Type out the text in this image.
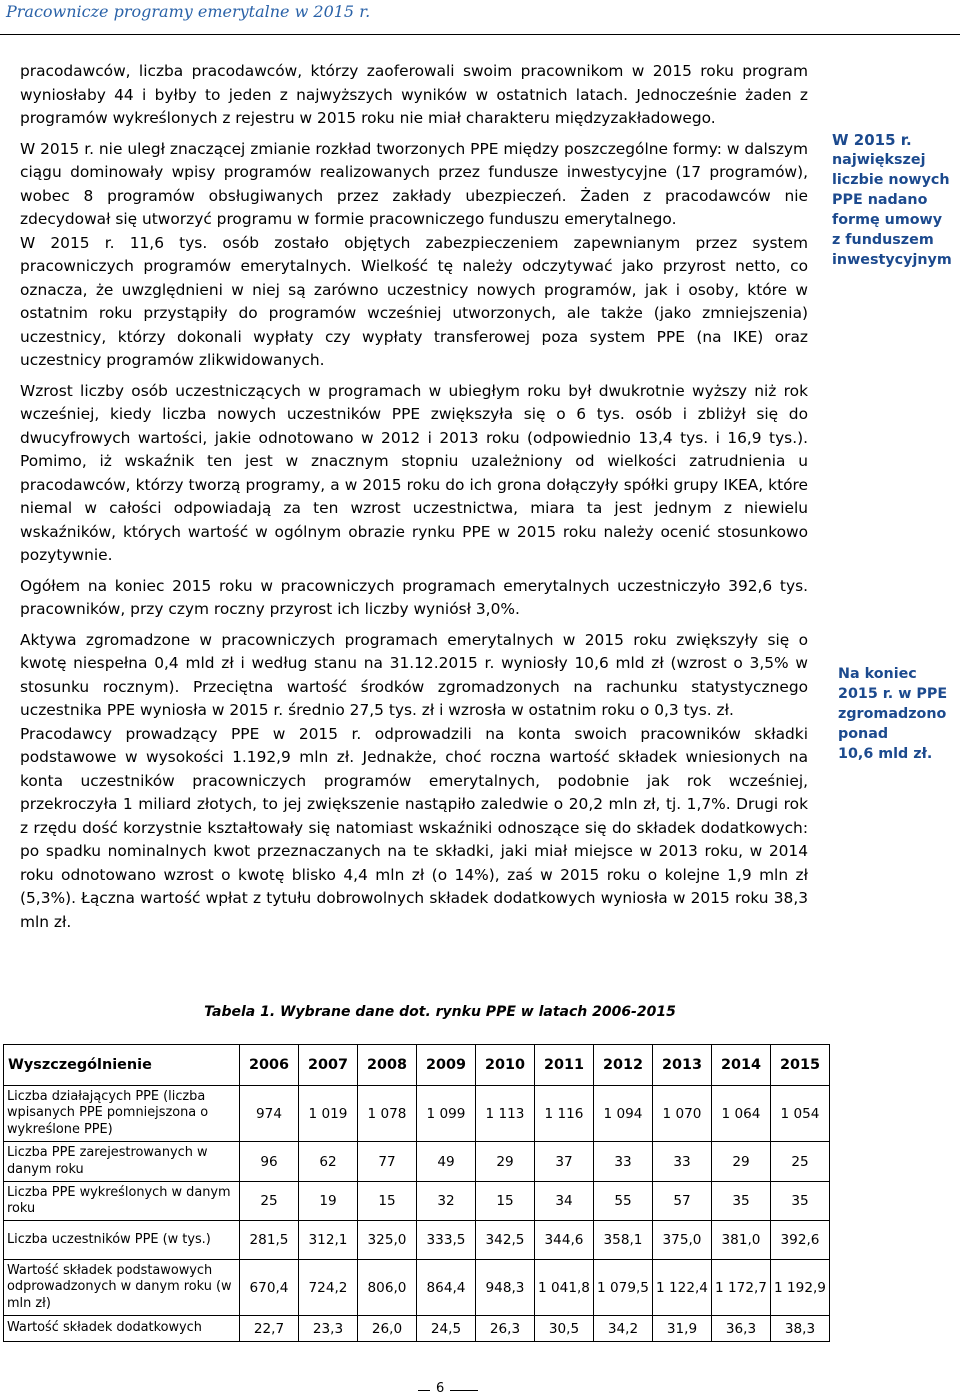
Pracownicze programy emerytalne w 2015 r.

pracodawców, liczba pracodawców, którzy zaoferowali swoim pracownikom w 2015 roku program wyniosłaby 44 i byłby to jeden z najwyższych wyników w ostatnich latach. Jednocześnie żaden z programów wykreślonych z rejestru w 2015 roku nie miał charakteru międzyzakładowego.

W 2015 r. nie uległ znaczącej zmianie rozkład tworzonych PPE między poszczególne formy: w dalszym ciągu dominowały wpisy programów realizowanych przez fundusze inwestycyjne (17 programów), wobec 8 programów obsługiwanych przez zakłady ubezpieczeń. Żaden z pracodawców nie zdecydował się utworzyć programu w formie pracowniczego funduszu emerytalnego.

W 2015 r. 11,6 tys. osób zostało objętych zabezpieczeniem zapewnianym przez system pracowniczych programów emerytalnych. Wielkość tę należy odczytywać jako przyrost netto, co oznacza, że uwzględnieni w niej są zarówno uczestnicy nowych programów, jak i osoby, które w ostatnim roku przystąpiły do programów wcześniej utworzonych, ale także (jako zmniejszenia) uczestnicy, którzy dokonali wypłaty czy wypłaty transferowej poza system PPE (na IKE) oraz uczestnicy programów zlikwidowanych.

Wzrost liczby osób uczestniczących w programach w ubiegłym roku był dwukrotnie wyższy niż rok wcześniej, kiedy liczba nowych uczestników PPE zwiększyła się o 6 tys. osób i zbliżył się do dwucyfrowych wartości, jakie odnotowano w 2012 i 2013 roku (odpowiednio 13,4 tys. i 16,9 tys.). Pomimo, iż wskaźnik ten jest w znacznym stopniu uzależniony od wielkości zatrudnienia u pracodawców, którzy tworzą programy, a w 2015 roku do ich grona dołączyły spółki grupy IKEA, które niemal w całości odpowiadają za ten wzrost uczestnictwa, miara ta jest jednym z niewielu wskaźników, których wartość w ogólnym obrazie rynku PPE w 2015 roku należy ocenić stosunkowo pozytywnie.

Ogółem na koniec 2015 roku w pracowniczych programach emerytalnych uczestniczyło 392,6 tys. pracowników, przy czym roczny przyrost ich liczby wyniósł 3,0%.

Aktywa zgromadzone w pracowniczych programach emerytalnych w 2015 roku zwiększyły się o kwotę niespełna 0,4 mld zł i według stanu na 31.12.2015 r. wyniosły 10,6 mld zł (wzrost o 3,5% w stosunku rocznym). Przeciętna wartość środków zgromadzonych na rachunku statystycznego uczestnika PPE wyniosła w 2015 r. średnio 27,5 tys. zł i wzrosła w ostatnim roku o 0,3 tys. zł.

Pracodawcy prowadzący PPE w 2015 r. odprowadzili na konta swoich pracowników składki podstawowe w wysokości 1.192,9 mln zł. Jednakże, choć roczna wartość składek wniesionych na konta uczestników pracowniczych programów emerytalnych, podobnie jak rok wcześniej, przekroczyła 1 miliard złotych, to jej zwiększenie nastąpiło zaledwie o 20,2 mln zł, tj. 1,7%. Drugi rok z rzędu dość korzystnie kształtowały się natomiast wskaźniki odnoszące się do składek dodatkowych: po spadku nominalnych kwot przeznaczanych na te składki, jaki miał miejsce w 2013 roku, w 2014 roku odnotowano wzrost o kwotę blisko 4,4 mln zł (o 14%), zaś w 2015 roku o kolejne 1,9 mln zł (5,3%). Łączna wartość wpłat z tytułu dobrowolnych składek dodatkowych wyniosła w 2015 roku 38,3 mln zł.

W 2015 r.
największej
liczbie nowych
PPE nadano
formę umowy
z funduszem
inwestycyjnym
Na koniec
2015 r. w PPE
zgromadzono
ponad
10,6 mld zł.
Tabela 1. Wybrane dane dot. rynku PPE w latach 2006-2015
Wyszczególnienie	2006	2007	2008	2009	2010	2011	2012	2013	2014	2015
Liczba działających PPE (liczba wpisanych PPE pomniejszona o wykreślone PPE)	974	1 019	1 078	1 099	1 113	1 116	1 094	1 070	1 064	1 054
Liczba PPE zarejestrowanych w danym roku	96	62	77	49	29	37	33	33	29	25
Liczba PPE wykreślonych w danym roku	25	19	15	32	15	34	55	57	35	35
Liczba uczestników PPE (w tys.)	281,5	312,1	325,0	333,5	342,5	344,6	358,1	375,0	381,0	392,6
Wartość składek podstawowych odprowadzonych w danym roku (w mln zł)	670,4	724,2	806,0	864,4	948,3	1 041,8	1 079,5	1 122,4	1 172,7	1 192,9
Wartość składek dodatkowych	22,7	23,3	26,0	24,5	26,3	30,5	34,2	31,9	36,3	38,3
6
